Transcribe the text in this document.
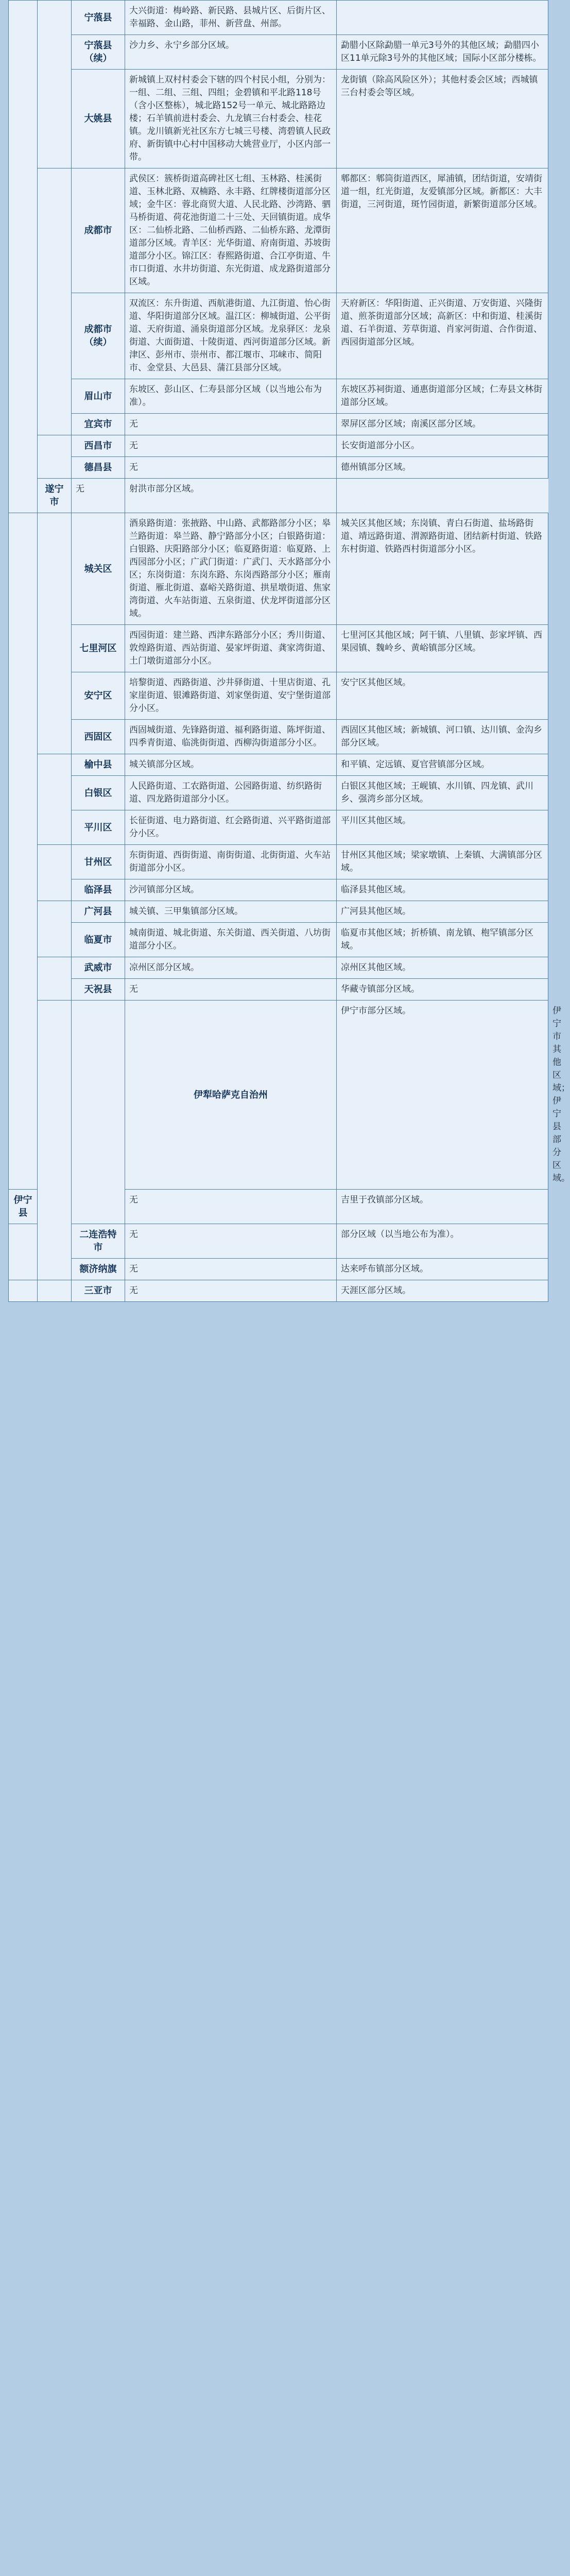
		宁蒗县	大兴街道：梅岭路、新民路、县城片区、后街片区、幸福路、金山路，菲州、新营盘、州部。		
		宁蒗县（续）	沙力乡、永宁乡部分区域。	勐腊小区除勐腊一单元3号外的其他区域；勐腊四小区11单元除3号外的其他区域；国际小区部分楼栋。	
		大姚县	新城镇上双村村委会下辖的四个村民小组，分别为：一组、二组、三组、四组；金碧镇和平北路118号（含小区整栋），城北路152号一单元、城北路路边楼；石羊镇前进村委会、九龙镇三台村委会、桂花镇。龙川镇新光社区东方七城三号楼、湾碧镇人民政府、新街镇中心村中国移动大姚营业厅，小区内部一带。	龙街镇（除高风险区外）；其他村委会区域；西城镇三台村委会等区域。	
		成都市	武侯区：簇桥街道高碑社区七组、玉林路、桂溪街道、玉林北路、双楠路、永丰路、红牌楼街道部分区域；金牛区：蓉北商贸大道、人民北路、沙湾路、驷马桥街道、荷花池街道二十三处、天回镇街道。成华区：二仙桥北路、二仙桥西路、二仙桥东路、龙潭街道部分区域。青羊区：光华街道、府南街道、苏坡街道部分小区。锦江区：春熙路街道、合江亭街道、牛市口街道、水井坊街道、东光街道、成龙路街道部分区域。	郫都区：郫筒街道西区，犀浦镇，团结街道，安靖街道一组，红光街道，友爱镇部分区域。新都区：大丰街道，三河街道，斑竹园街道，新繁街道部分区域。	
		成都市（续）	双流区：东升街道、西航港街道、九江街道、怡心街道、华阳街道部分区域。温江区：柳城街道、公平街道、天府街道、涌泉街道部分区域。龙泉驿区：龙泉街道、大面街道、十陵街道、西河街道部分区域。新津区、彭州市、崇州市、都江堰市、邛崃市、简阳市、金堂县、大邑县、蒲江县部分区域。	天府新区：华阳街道、正兴街道、万安街道、兴隆街道、煎茶街道部分区域；高新区：中和街道、桂溪街道、石羊街道、芳草街道、肖家河街道、合作街道、西园街道部分区域。	
		眉山市	东坡区、彭山区、仁寿县部分区域（以当地公布为准）。	东坡区苏祠街道、通惠街道部分区域；仁寿县文林街道部分区域。	
		宜宾市	无	翠屏区部分区域；南溪区部分区域。	
		西昌市	无	长安街道部分小区。	
		德昌县	无	德州镇部分区域。	
	遂宁市	无	射洪市部分区域。		
		城关区	酒泉路街道：张掖路、中山路、武都路部分小区；皋兰路街道：皋兰路、静宁路部分小区；白银路街道：白银路、庆阳路部分小区；临夏路街道：临夏路、上西园部分小区；广武门街道：广武门、天水路部分小区；东岗街道：东岗东路、东岗西路部分小区；雁南街道、雁北街道、嘉峪关路街道、拱星墩街道、焦家湾街道、火车站街道、五泉街道、伏龙坪街道部分区域。	城关区其他区域；东岗镇、青白石街道、盐场路街道、靖远路街道、渭源路街道、团结新村街道、铁路东村街道、铁路西村街道部分小区。	
		七里河区	西园街道：建兰路、西津东路部分小区；秀川街道、敦煌路街道、西站街道、晏家坪街道、龚家湾街道、土门墩街道部分小区。	七里河区其他区域；阿干镇、八里镇、彭家坪镇、西果园镇、魏岭乡、黄峪镇部分区域。	
		安宁区	培黎街道、西路街道、沙井驿街道、十里店街道、孔家崖街道、银滩路街道、刘家堡街道、安宁堡街道部分小区。	安宁区其他区域。	
		西固区	西固城街道、先锋路街道、福利路街道、陈坪街道、四季青街道、临洮街街道、西柳沟街道部分小区。	西固区其他区域；新城镇、河口镇、达川镇、金沟乡部分区域。	
		榆中县	城关镇部分区域。	和平镇、定远镇、夏官营镇部分区域。	
		白银区	人民路街道、工农路街道、公园路街道、纺织路街道、四龙路街道部分小区。	白银区其他区域；王岘镇、水川镇、四龙镇、武川乡、强湾乡部分区域。	
		平川区	长征街道、电力路街道、红会路街道、兴平路街道部分小区。	平川区其他区域。	
		甘州区	东街街道、西街街道、南街街道、北街街道、火车站街道部分小区。	甘州区其他区域；梁家墩镇、上秦镇、大满镇部分区域。	
		临泽县	沙河镇部分区域。	临泽县其他区域。	
		广河县	城关镇、三甲集镇部分区域。	广河县其他区域。	
		临夏市	城南街道、城北街道、东关街道、西关街道、八坊街道部分小区。	临夏市其他区域；折桥镇、南龙镇、枹罕镇部分区域。	
		武威市	凉州区部分区域。	凉州区其他区域。	
		天祝县	无	华藏寺镇部分区域。	
			伊犁哈萨克自治州	伊宁市部分区域。	伊宁市其他区域；伊宁县部分区域。
伊宁县			无	吉里于孜镇部分区域。	
		二连浩特市	无	部分区域（以当地公布为准）。	
		额济纳旗	无	达来呼布镇部分区域。	
		三亚市	无	天涯区部分区域。	
